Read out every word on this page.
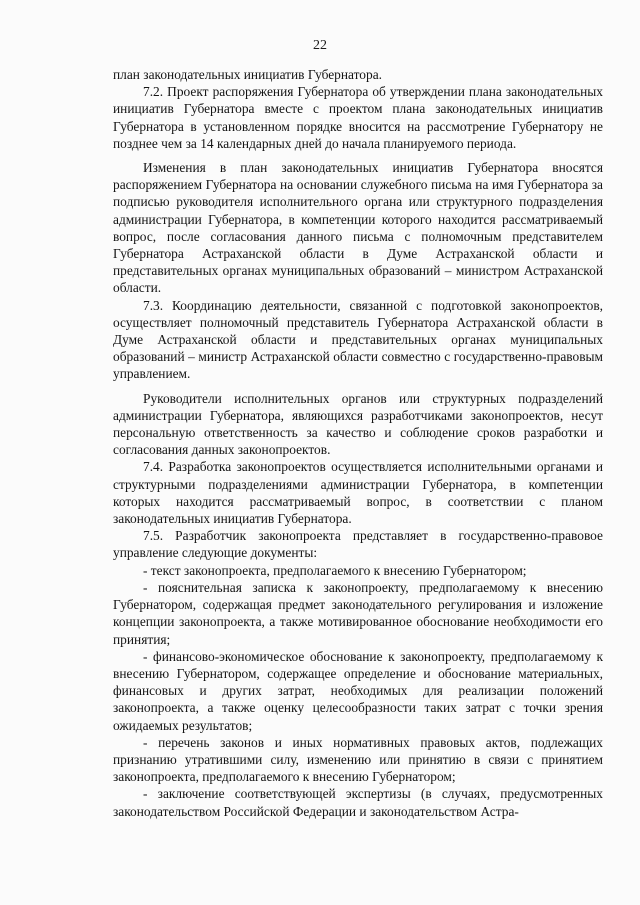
22

план законодательных инициатив Губернатора.

7.2. Проект распоряжения Губернатора об утверждении плана законодательных инициатив Губернатора вместе с проектом плана законодательных инициатив Губернатора в установленном порядке вносится на рассмотрение Губернатору не позднее чем за 14 календарных дней до начала планируемого периода.

Изменения в план законодательных инициатив Губернатора вносятся распоряжением Губернатора на основании служебного письма на имя Губернатора за подписью руководителя исполнительного органа или структурного подразделения администрации Губернатора, в компетенции которого находится рассматриваемый вопрос, после согласования данного письма с полномочным представителем Губернатора Астраханской области в Думе Астраханской области и представительных органах муниципальных образований – министром Астраханской области.

7.3. Координацию деятельности, связанной с подготовкой законопроектов, осуществляет полномочный представитель Губернатора Астраханской области в Думе Астраханской области и представительных органах муниципальных образований – министр Астраханской области совместно с государственно-правовым управлением.

Руководители исполнительных органов или структурных подразделений администрации Губернатора, являющихся разработчиками законопроектов, несут персональную ответственность за качество и соблюдение сроков разработки и согласования данных законопроектов.

7.4. Разработка законопроектов осуществляется исполнительными органами и структурными подразделениями администрации Губернатора, в компетенции которых находится рассматриваемый вопрос, в соответствии с планом законодательных инициатив Губернатора.

7.5. Разработчик законопроекта представляет в государственно-правовое управление следующие документы:

- текст законопроекта, предполагаемого к внесению Губернатором;

- пояснительная записка к законопроекту, предполагаемому к внесению Губернатором, содержащая предмет законодательного регулирования и изложение концепции законопроекта, а также мотивированное обоснование необходимости его принятия;

- финансово-экономическое обоснование к законопроекту, предполагаемому к внесению Губернатором, содержащее определение и обоснование материальных, финансовых и других затрат, необходимых для реализации положений законопроекта, а также оценку целесообразности таких затрат с точки зрения ожидаемых результатов;

- перечень законов и иных нормативных правовых актов, подлежащих признанию утратившими силу, изменению или принятию в связи с принятием законопроекта, предполагаемого к внесению Губернатором;

- заключение соответствующей экспертизы (в случаях, предусмотренных законодательством Российской Федерации и законодательством Астра-
